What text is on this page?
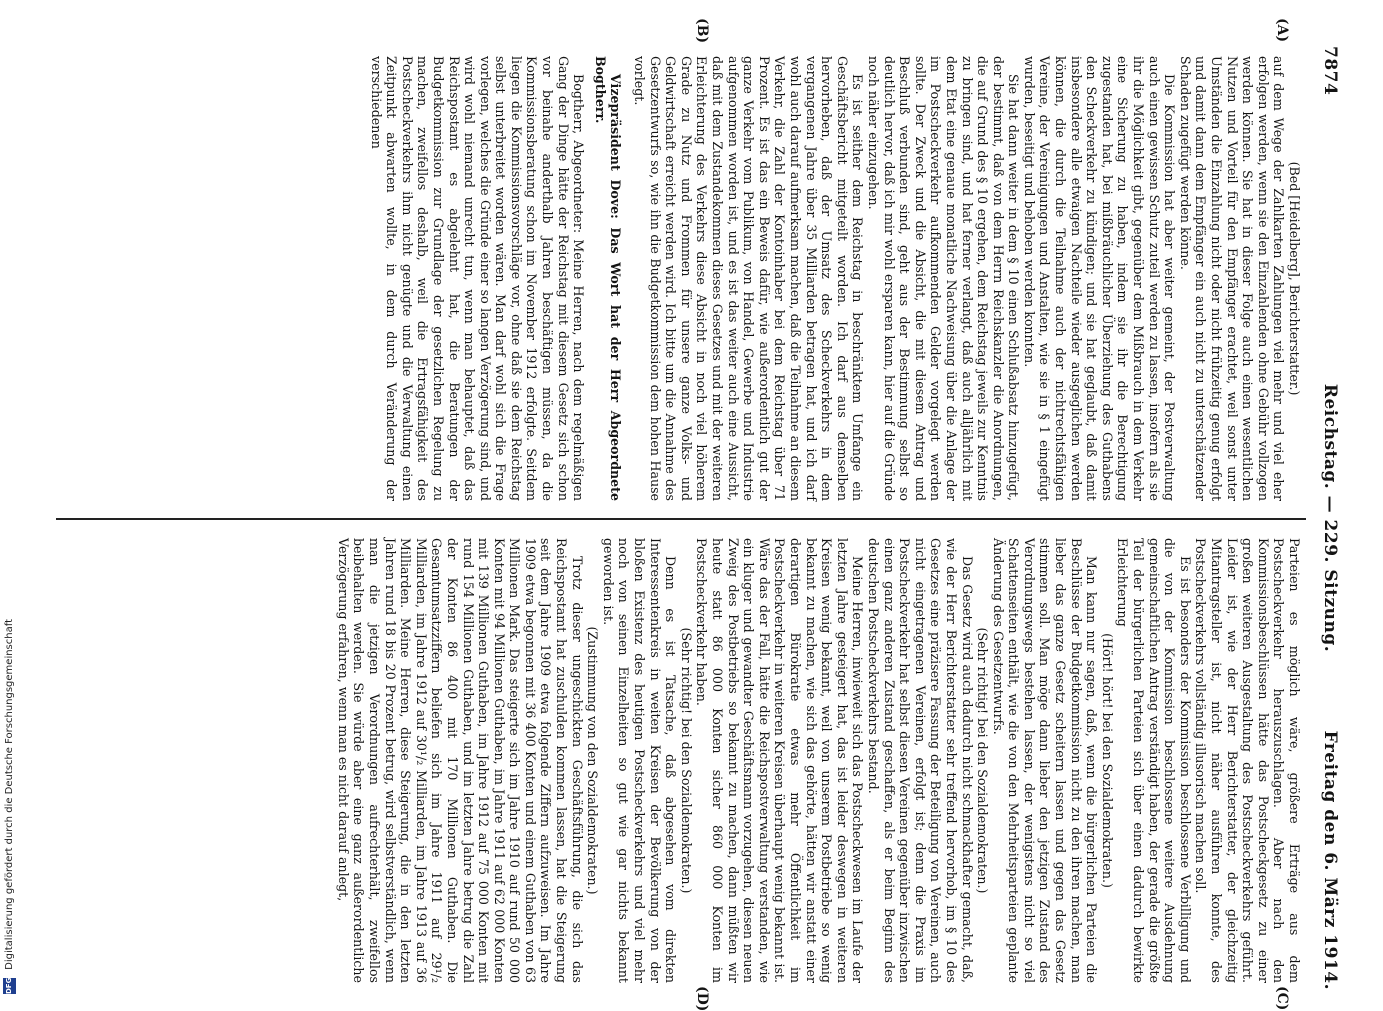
Digitalisierung gefördert durch die Deutsche Forschungsgemeinschaft
DFG
7874
Reichstag. — 229. Sitzung.
Freitag den 6. März 1914.
(A)
(B)
(C)
(D)

(Bed [Heidelberg], Berichterstatter.)

auf dem Wege der Zahlkarten Zahlungen viel mehr und viel eher erfolgen werden, wenn sie den Einzahlenden ohne Gebühr vollzogen werden können. Sie hat in dieser Folge auch einen wesentlichen Nutzen und Vorteil für den Empfänger erachtet, weil sonst unter Umständen die Einzahlung nicht oder nicht frühzeitig genug erfolgt und damit dann dem Empfänger ein auch nicht zu unterschätzender Schaden zugefügt werden könne.

Die Kommission hat aber weiter gemeint, der Postverwaltung auch einen gewissen Schutz zuteil werden zu lassen, insofern als sie ihr die Möglichkeit gibt, gegenüber dem Mißbrauch in dem Verkehr eine Sicherung zu haben, indem sie ihr die Berechtigung zugestanden hat, bei mißbräuchlicher Überziehung des Guthabens den Scheckverkehr zu kündigen; und sie hat geglaubt, daß damit insbesondere alle etwaigen Nachteile wieder ausgeglichen werden können, die durch die Teilnahme auch der nichtrechtsfähigen Vereine, der Vereinigungen und Anstalten, wie sie in § 1 eingefügt wurden, beseitigt und behoben werden konnten.

Sie hat dann weiter in dem § 10 einen Schlußabsatz hinzugefügt, der bestimmt, daß von dem Herrn Reichskanzler die Anordnungen, die auf Grund des § 10 ergehen, dem Reichstag jeweils zur Kenntnis zu bringen sind, und hat ferner verlangt, daß auch alljährlich mit dem Etat eine genaue monatliche Nachweisung über die Anlage der im Postscheckverkehr aufkommenden Gelder vorgelegt werden sollte. Der Zweck und die Absicht, die mit diesem Antrag und Beschluß verbunden sind, geht aus der Bestimmung selbst so deutlich hervor, daß ich mir wohl ersparen kann, hier auf die Gründe noch näher einzugehen.

Es ist seither dem Reichstag in beschränktem Umfange ein Geschäftsbericht mitgeteilt worden. Ich darf aus demselben hervorheben, daß der Umsatz des Scheckverkehrs in dem vergangenen Jahre über 35 Milliarden betragen hat, und ich darf wohl auch darauf aufmerksam machen, daß die Teilnahme an diesem Verkehr, die Zahl der Kontoinhaber bei dem Reichstag über 71 Prozent. Es ist das ein Beweis dafür, wie außerordentlich gut der ganze Verkehr vom Publikum, von Handel, Gewerbe und Industrie aufgenommen worden ist, und es ist das weiter auch eine Aussicht, daß mit dem Zustandekommen dieses Gesetzes und mit der weiteren Erleichterung des Verkehrs diese Absicht in noch viel höherem Grade zu Nutz und Frommen für unsere ganze Volks- und Geldwirtschaft erreicht werden wird. Ich bitte um die Annahme des Gesetzentwurfs so, wie ihn die Budgetkommission dem hohen Hause vorlegt.

Vizepräsident Dove: Das Wort hat der Herr Abgeordnete Bogtherr.

Bogtherr, Abgeordneter: Meine Herren, nach dem regelmäßigen Gang der Dinge hätte der Reichstag mit diesem Gesetz sich schon vor beinahe anderthalb Jahren beschäftigen müssen, da die Kommissionsberatung schon im November 1912 erfolgte. Seitdem liegen die Kommissionsvorschläge vor, ohne daß sie dem Reichstag selbst unterbreitet worden wären. Man darf wohl sich die Frage vorlegen, welches die Gründe einer so langen Verzögerung sind, und wird wohl niemand unrecht tun, wenn man behauptet, daß das Reichspostamt es abgelehnt hat, die Beratungen der Budgetkommission zur Grundlage der gesetzlichen Regelung zu machen, zweifellos deshalb, weil die Ertragsfähigkeit des Postscheckverkehrs ihm nicht genügte und die Verwaltung einen Zeitpunkt abwarten wollte, in dem durch Veränderung der verschiedenen

Parteien es möglich wäre, größere Erträge aus dem Postscheckverkehr herauszuschlagen. Aber nach den Kommissionsbeschlüssen hätte das Postscheckgesetz zu einer großen weiteren Ausgestaltung des Postscheckverkehrs geführt. Leider ist, wie der Herr Berichterstatter, der gleichzeitig Mitantragsteller ist, nicht näher ausführen konnte, des Postscheckverkehrs vollständig illusorisch machen soll.

Es ist besonders der Kommission beschlossene Verbilligung und die von der Kommission beschlossene weitere Ausdehnung gemeinschaftlichen Antrag verständigt haben, der gerade die größte Teil der bürgerlichen Parteien sich über einen dadurch bewirkte Erleichterung

(Hört! hört! bei den Sozialdemokraten.)

Man kann nur sagen, daß, wenn die bürgerlichen Parteien die Beschlüsse der Budgetkommission nicht zu den ihren machen, man lieber das ganze Gesetz scheitern lassen und gegen das Gesetz stimmen soll. Man möge dann lieber den jetzigen Zustand des Verordnungswegs bestehen lassen, der wenigstens nicht so viel Schattenseiten enthält, wie die von den Mehrheitsparteien geplante Änderung des Gesetzentwurfs.

(Sehr richtig! bei den Sozialdemokraten.)

Das Gesetz wird auch dadurch nicht schmackhafter gemacht, daß, wie der Herr Berichterstatter sehr treffend hervorhob, im § 10 des Gesetzes eine präzisere Fassung der Beteiligung von Vereinen, auch nicht eingetragenen Vereinen, erfolgt ist; denn die Praxis im Postscheckverkehr hat selbst diesen Vereinen gegenüber inzwischen einen ganz anderen Zustand geschaffen, als er beim Beginn des deutschen Postscheckverkehrs bestand.

Meine Herren, inwieweit sich das Postscheckwesen im Laufe der letzten Jahre gesteigert hat, das ist leider deswegen in weiteren Kreisen wenig bekannt, weil von unserem Postbetriebe so wenig bekannt zu machen, wie sich das gehörte, hätten wir anstatt einer derartigen Bürokratie etwas mehr Öffentlichkeit im Postscheckverkehr in weiteren Kreisen überhaupt wenig bekannt ist. Wäre das der Fall, hätte die Reichspostverwaltung verstanden, wie ein kluger und gewandter Geschäftsmann vorzugehen, diesen neuen Zweig des Postbetriebs so bekannt zu machen, dann müßten wir heute statt 86 000 Konten sicher 860 000 Konten im Postscheckverkehr haben.

(Sehr richtig! bei den Sozialdemokraten.)

Denn es ist Tatsache, daß abgesehen vom direkten Interessentenkreis in weiten Kreisen der Bevölkerung von der bloßen Existenz des heutigen Postscheckverkehrs und viel mehr noch von seinen Einzelheiten so gut wie gar nichts bekannt geworden ist.

(Zustimmung von den Sozialdemokraten.)

Trotz dieser ungeschickten Geschäftsführung, die sich das Reichspostamt hat zuschulden kommen lassen, hat die Steigerung seit dem Jahre 1909 etwa folgende Ziffern aufzuweisen. Im Jahre 1909 etwa begonnen mit 36 400 Konten und einem Guthaben von 63 Millionen Mark. Das steigerte sich im Jahre 1910 auf rund 50 000 Konten mit 94 Millionen Guthaben, im Jahre 1911 auf 62 000 Konten mit 139 Millionen Guthaben, im Jahre 1912 auf 75 000 Konten mit rund 154 Millionen Guthaben, und im letzten Jahre betrug die Zahl der Konten 86 400 mit 170 Millionen Guthaben. Die Gesamtumsatzziffern beliefen sich im Jahre 1911 auf 29¹/₂ Milliarden, im Jahre 1912 auf 30¹/₂ Milliarden, im Jahre 1913 auf 36 Milliarden. Meine Herren, diese Steigerung, die in den letzten Jahren rund 18 bis 20 Prozent betrug, wird selbstverständlich, wenn man die jetzigen Verordnungen aufrechterhält, zweifellos beibehalten werden. Sie würde aber eine ganz außerordentliche Verzögerung erfahren, wenn man es nicht darauf anlegt,
